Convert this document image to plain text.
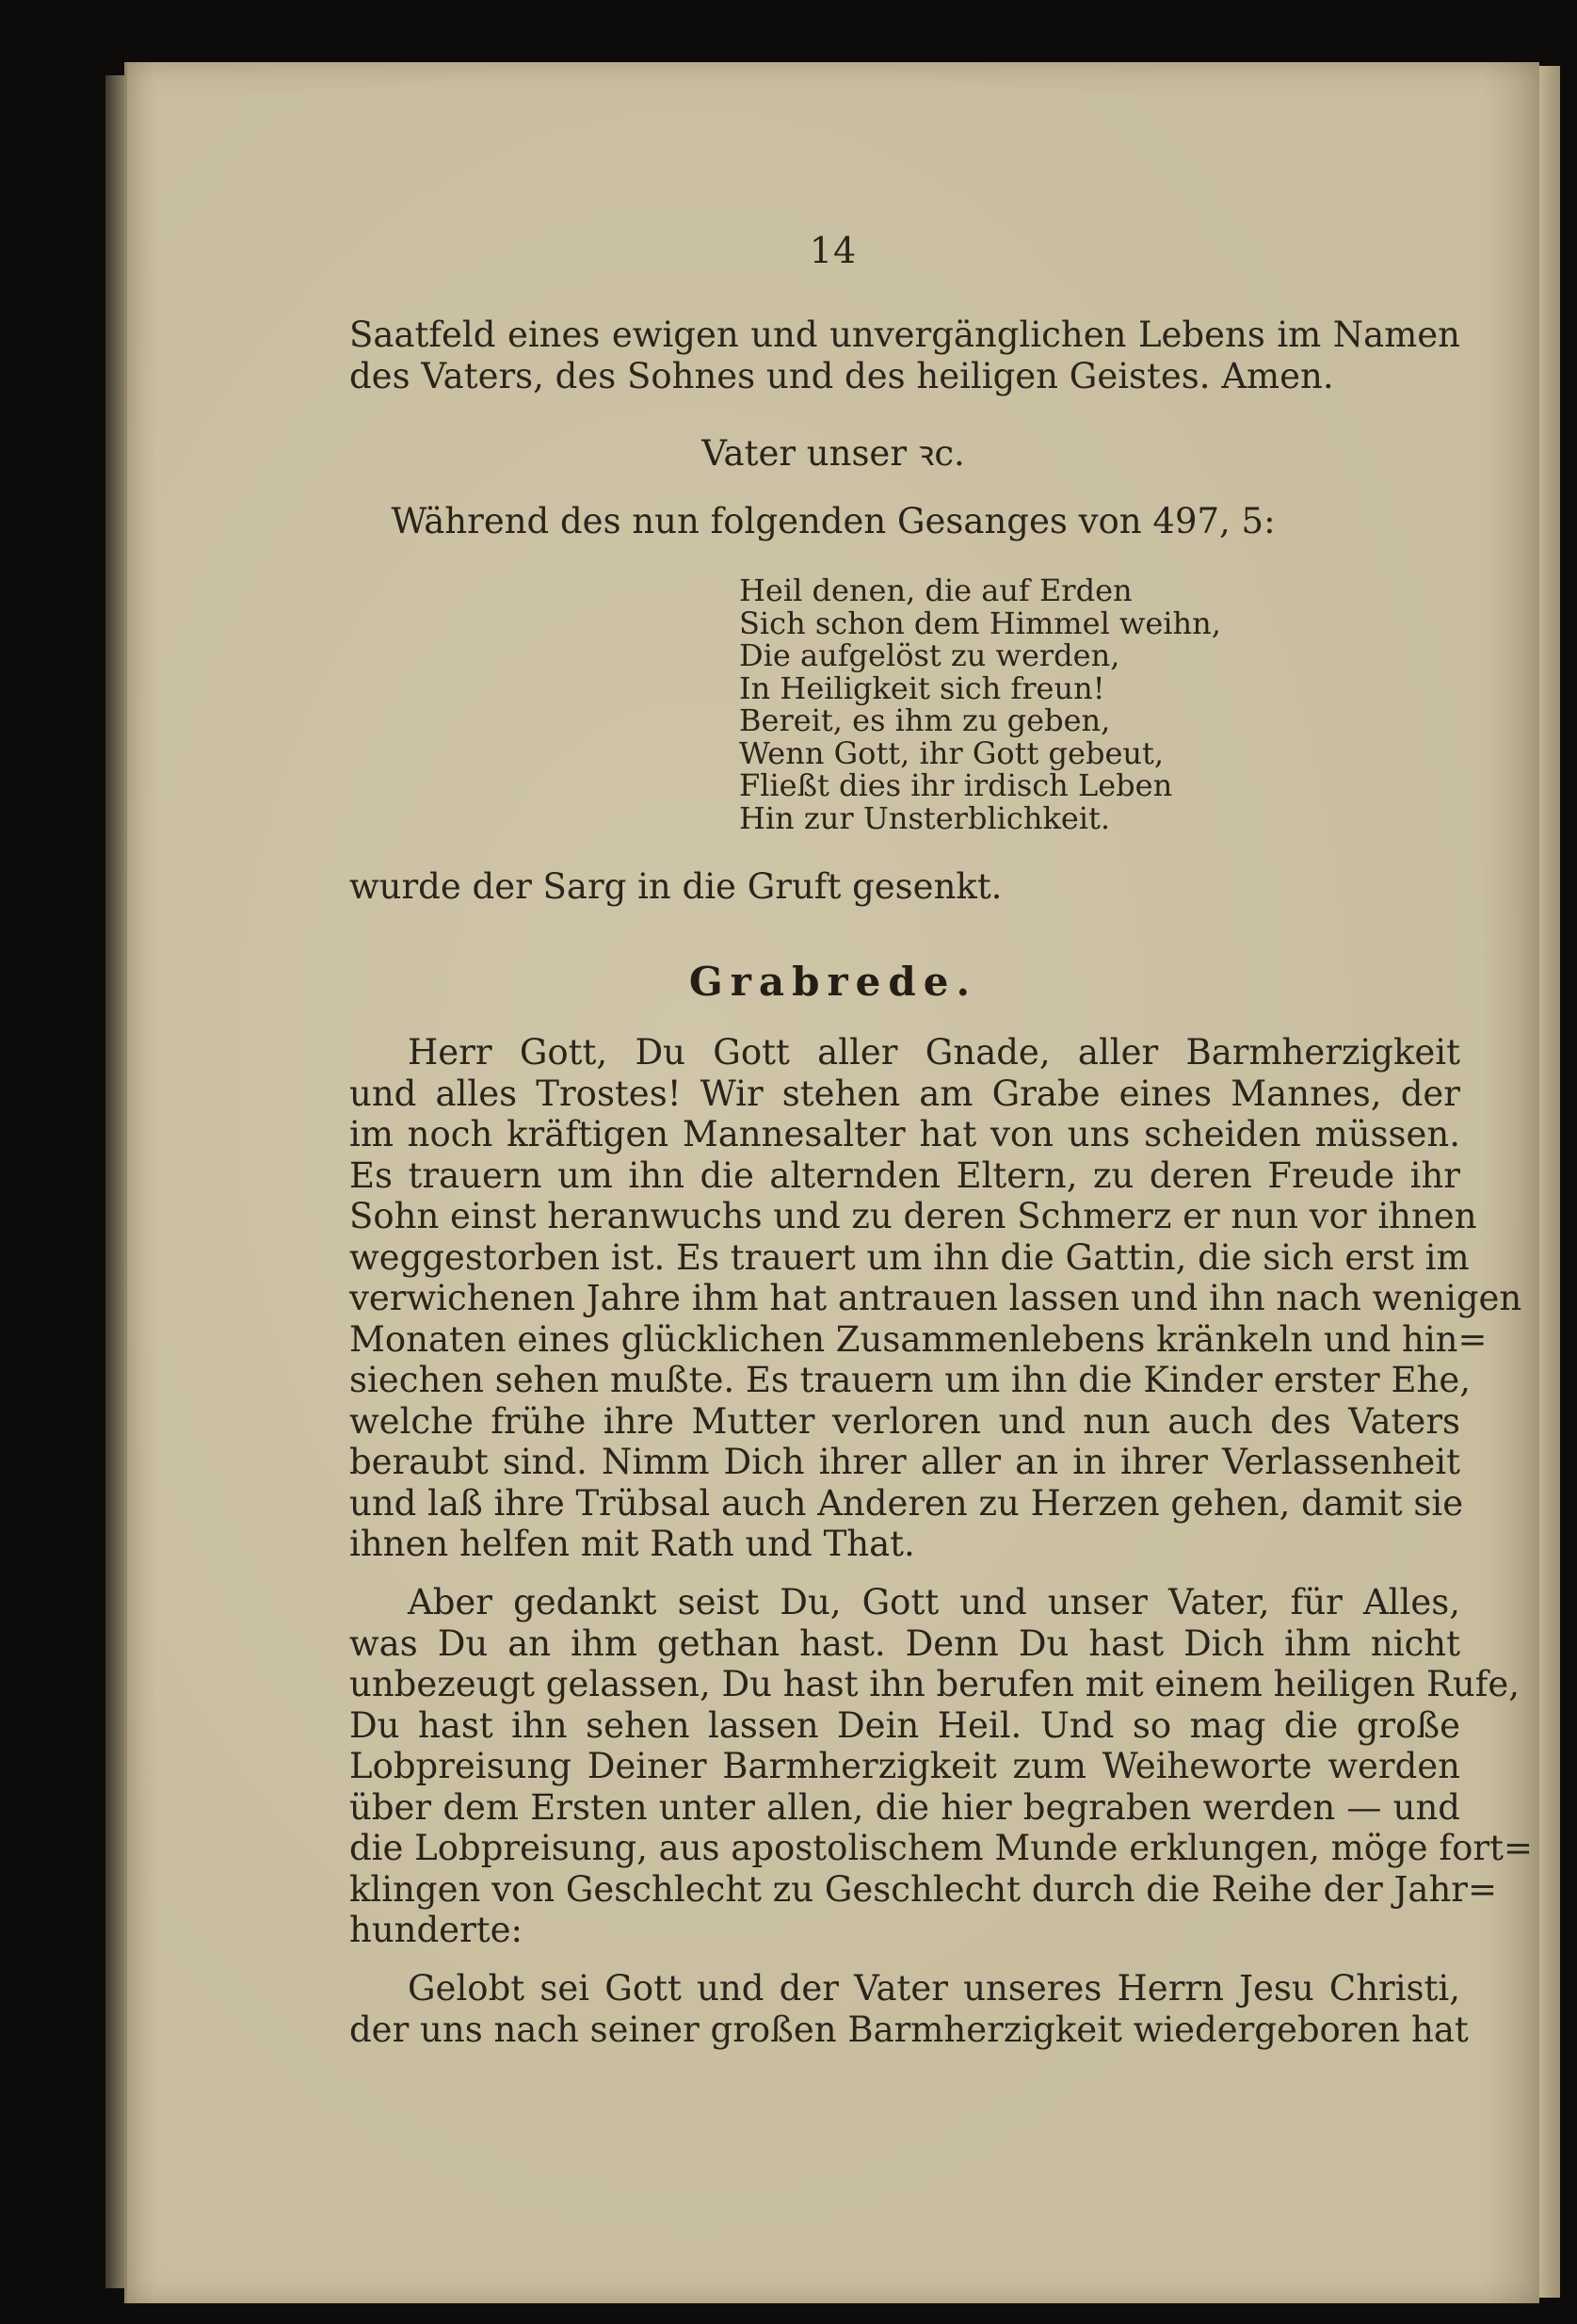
14
Saatfeld eines ewigen und unvergänglichen Lebens im Namen
des Vaters, des Sohnes und des heiligen Geistes. Amen.
Vater unser ꝛc.
Während des nun folgenden Gesanges von 497, 5:
Heil denen, die auf Erden
Sich schon dem Himmel weihn,
Die aufgelöst zu werden,
In Heiligkeit sich freun!
Bereit, es ihm zu geben,
Wenn Gott, ihr Gott gebeut,
Fließt dies ihr irdisch Leben
Hin zur Unsterblichkeit.
wurde der Sarg in die Gruft gesenkt.
Grabrede.
Herr Gott, Du Gott aller Gnade, aller Barmherzigkeit
und alles Trostes! Wir stehen am Grabe eines Mannes, der
im noch kräftigen Mannesalter hat von uns scheiden müssen.
Es trauern um ihn die alternden Eltern, zu deren Freude ihr
Sohn einst heranwuchs und zu deren Schmerz er nun vor ihnen
weggestorben ist. Es trauert um ihn die Gattin, die sich erst im
verwichenen Jahre ihm hat antrauen lassen und ihn nach wenigen
Monaten eines glücklichen Zusammenlebens kränkeln und hin=
siechen sehen mußte. Es trauern um ihn die Kinder erster Ehe,
welche frühe ihre Mutter verloren und nun auch des Vaters
beraubt sind. Nimm Dich ihrer aller an in ihrer Verlassenheit
und laß ihre Trübsal auch Anderen zu Herzen gehen, damit sie
ihnen helfen mit Rath und That.
Aber gedankt seist Du, Gott und unser Vater, für Alles,
was Du an ihm gethan hast. Denn Du hast Dich ihm nicht
unbezeugt gelassen, Du hast ihn berufen mit einem heiligen Rufe,
Du hast ihn sehen lassen Dein Heil. Und so mag die große
Lobpreisung Deiner Barmherzigkeit zum Weiheworte werden
über dem Ersten unter allen, die hier begraben werden — und
die Lobpreisung, aus apostolischem Munde erklungen, möge fort=
klingen von Geschlecht zu Geschlecht durch die Reihe der Jahr=
hunderte:
Gelobt sei Gott und der Vater unseres Herrn Jesu Christi,
der uns nach seiner großen Barmherzigkeit wiedergeboren hat
